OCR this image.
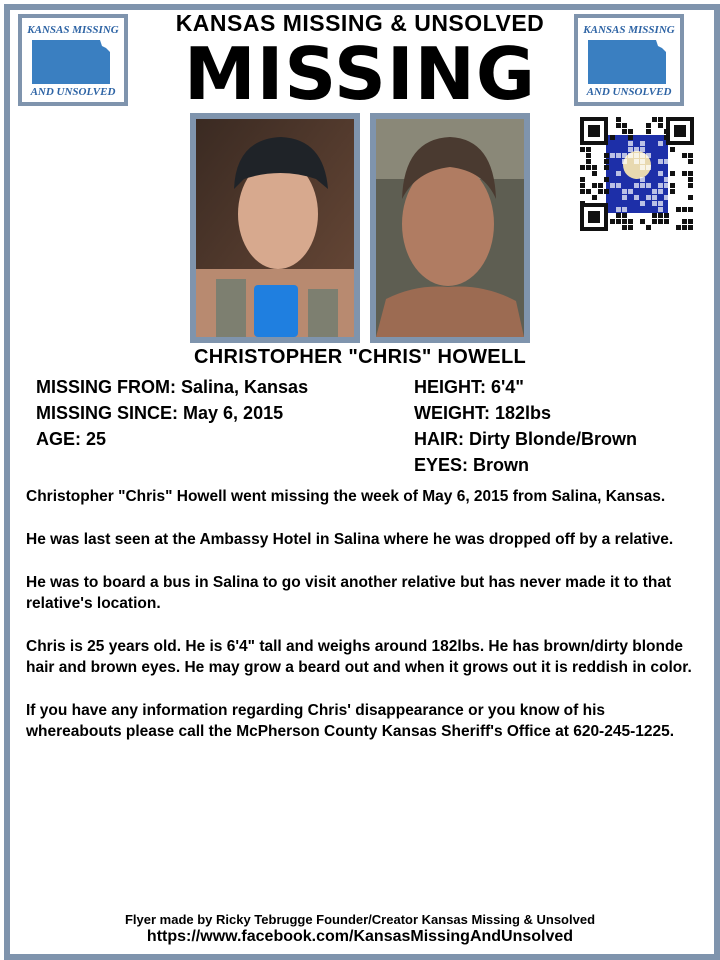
KANSAS MISSING
AND UNSOLVED
KANSAS MISSING
AND UNSOLVED
KANSAS MISSING & UNSOLVED
MISSING
CHRISTOPHER "CHRIS" HOWELL
MISSING FROM: Salina, Kansas
MISSING SINCE: May 6, 2015
AGE: 25
HEIGHT: 6'4"
WEIGHT: 182lbs
HAIR: Dirty Blonde/Brown
EYES: Brown

Christopher "Chris" Howell went missing the week of May 6, 2015 from Salina, Kansas.

He was last seen at the Ambassy Hotel in Salina where he was dropped off by a relative.

He was to board a bus in Salina to go visit another relative but has never made it to that relative's location.

Chris is 25 years old. He is 6'4" tall and weighs around 182lbs. He has brown/dirty blonde hair and brown eyes. He may grow a beard out and when it grows out it is reddish in color.

If you have any information regarding Chris' disappearance or you know of his whereabouts please call the McPherson County Kansas Sheriff's Office at 620-245-1225.

Flyer made by Ricky Tebrugge Founder/Creator Kansas Missing & Unsolved
https://www.facebook.com/KansasMissingAndUnsolved
